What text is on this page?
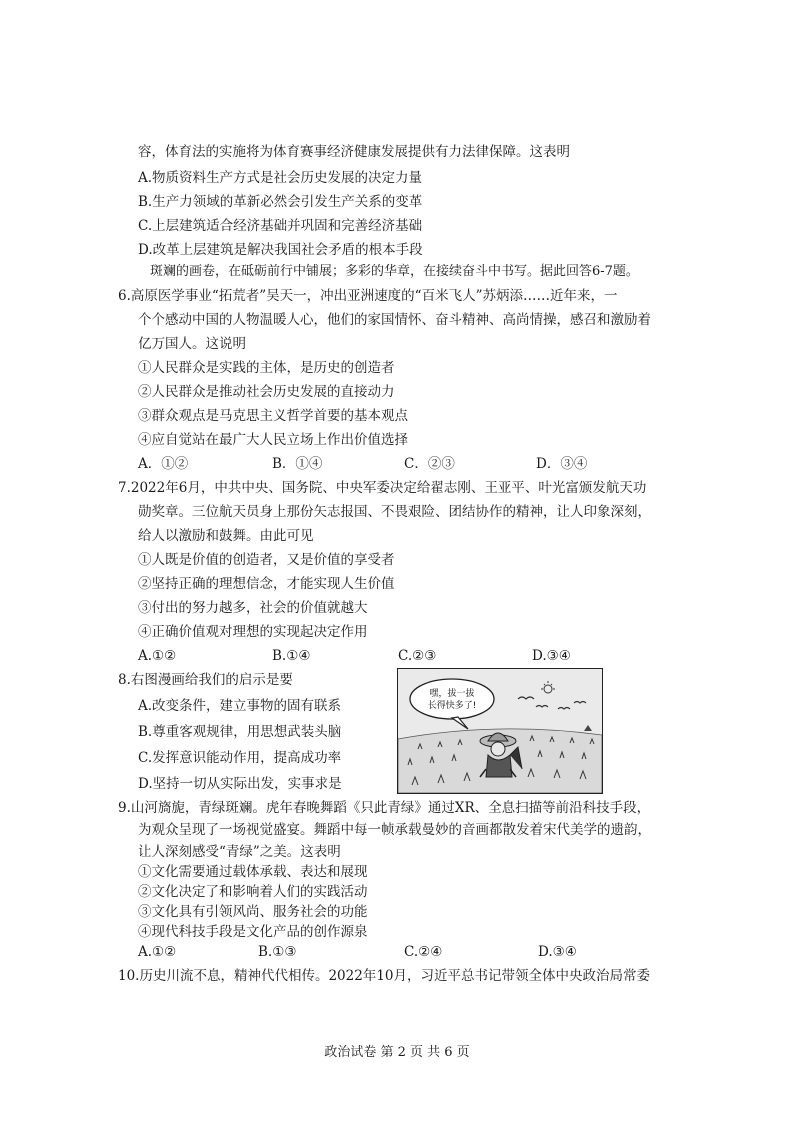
容，体育法的实施将为体育赛事经济健康发展提供有力法律保障。这表明
A.物质资料生产方式是社会历史发展的决定力量
B.生产力领域的革新必然会引发生产关系的变革
C.上层建筑适合经济基础并巩固和完善经济基础
D.改革上层建筑是解决我国社会矛盾的根本手段
斑斓的画卷，在砥砺前行中铺展；多彩的华章，在接续奋斗中书写。据此回答6-7题。
6.高原医学事业“拓荒者”吴天一，冲出亚洲速度的“百米飞人”苏炳添……近年来，一
个个感动中国的人物温暖人心，他们的家国情怀、奋斗精神、高尚情操，感召和激励着
亿万国人。这说明
①人民群众是实践的主体，是历史的创造者
②人民群众是推动社会历史发展的直接动力
③群众观点是马克思主义哲学首要的基本观点
④应自觉站在最广大人民立场上作出价值选择
A．①②	B．①④	C．②③	D．③④
7.2022年6月，中共中央、国务院、中央军委决定给翟志刚、王亚平、叶光富颁发航天功
勋奖章。三位航天员身上那份矢志报国、不畏艰险、团结协作的精神，让人印象深刻，
给人以激励和鼓舞。由此可见
①人既是价值的创造者，又是价值的享受者
②坚持正确的理想信念，才能实现人生价值
③付出的努力越多，社会的价值就越大
④正确价值观对理想的实现起决定作用
A.①②	B.①④	C.②③	D.③④
8.右图漫画给我们的启示是要
A.改变条件，建立事物的固有联系
B.尊重客观规律，用思想武装头脑
C.发挥意识能动作用，提高成功率
D.坚持一切从实际出发，实事求是
嘿，拔一拔
长得快多了!
9.山河旖旎，青绿斑斓。虎年春晚舞蹈《只此青绿》通过XR、全息扫描等前沿科技手段，
为观众呈现了一场视觉盛宴。舞蹈中每一帧承载曼妙的音画都散发着宋代美学的遗韵，
让人深刻感受“青绿”之美。这表明
①文化需要通过载体承载、表达和展现
②文化决定了和影响着人们的实践活动
③文化具有引领风尚、服务社会的功能
④现代科技手段是文化产品的创作源泉
A.①②	B.①③	C.②④	D.③④
10.历史川流不息，精神代代相传。2022年10月，习近平总书记带领全体中央政治局常委
政治试卷 第 2 页 共 6 页
